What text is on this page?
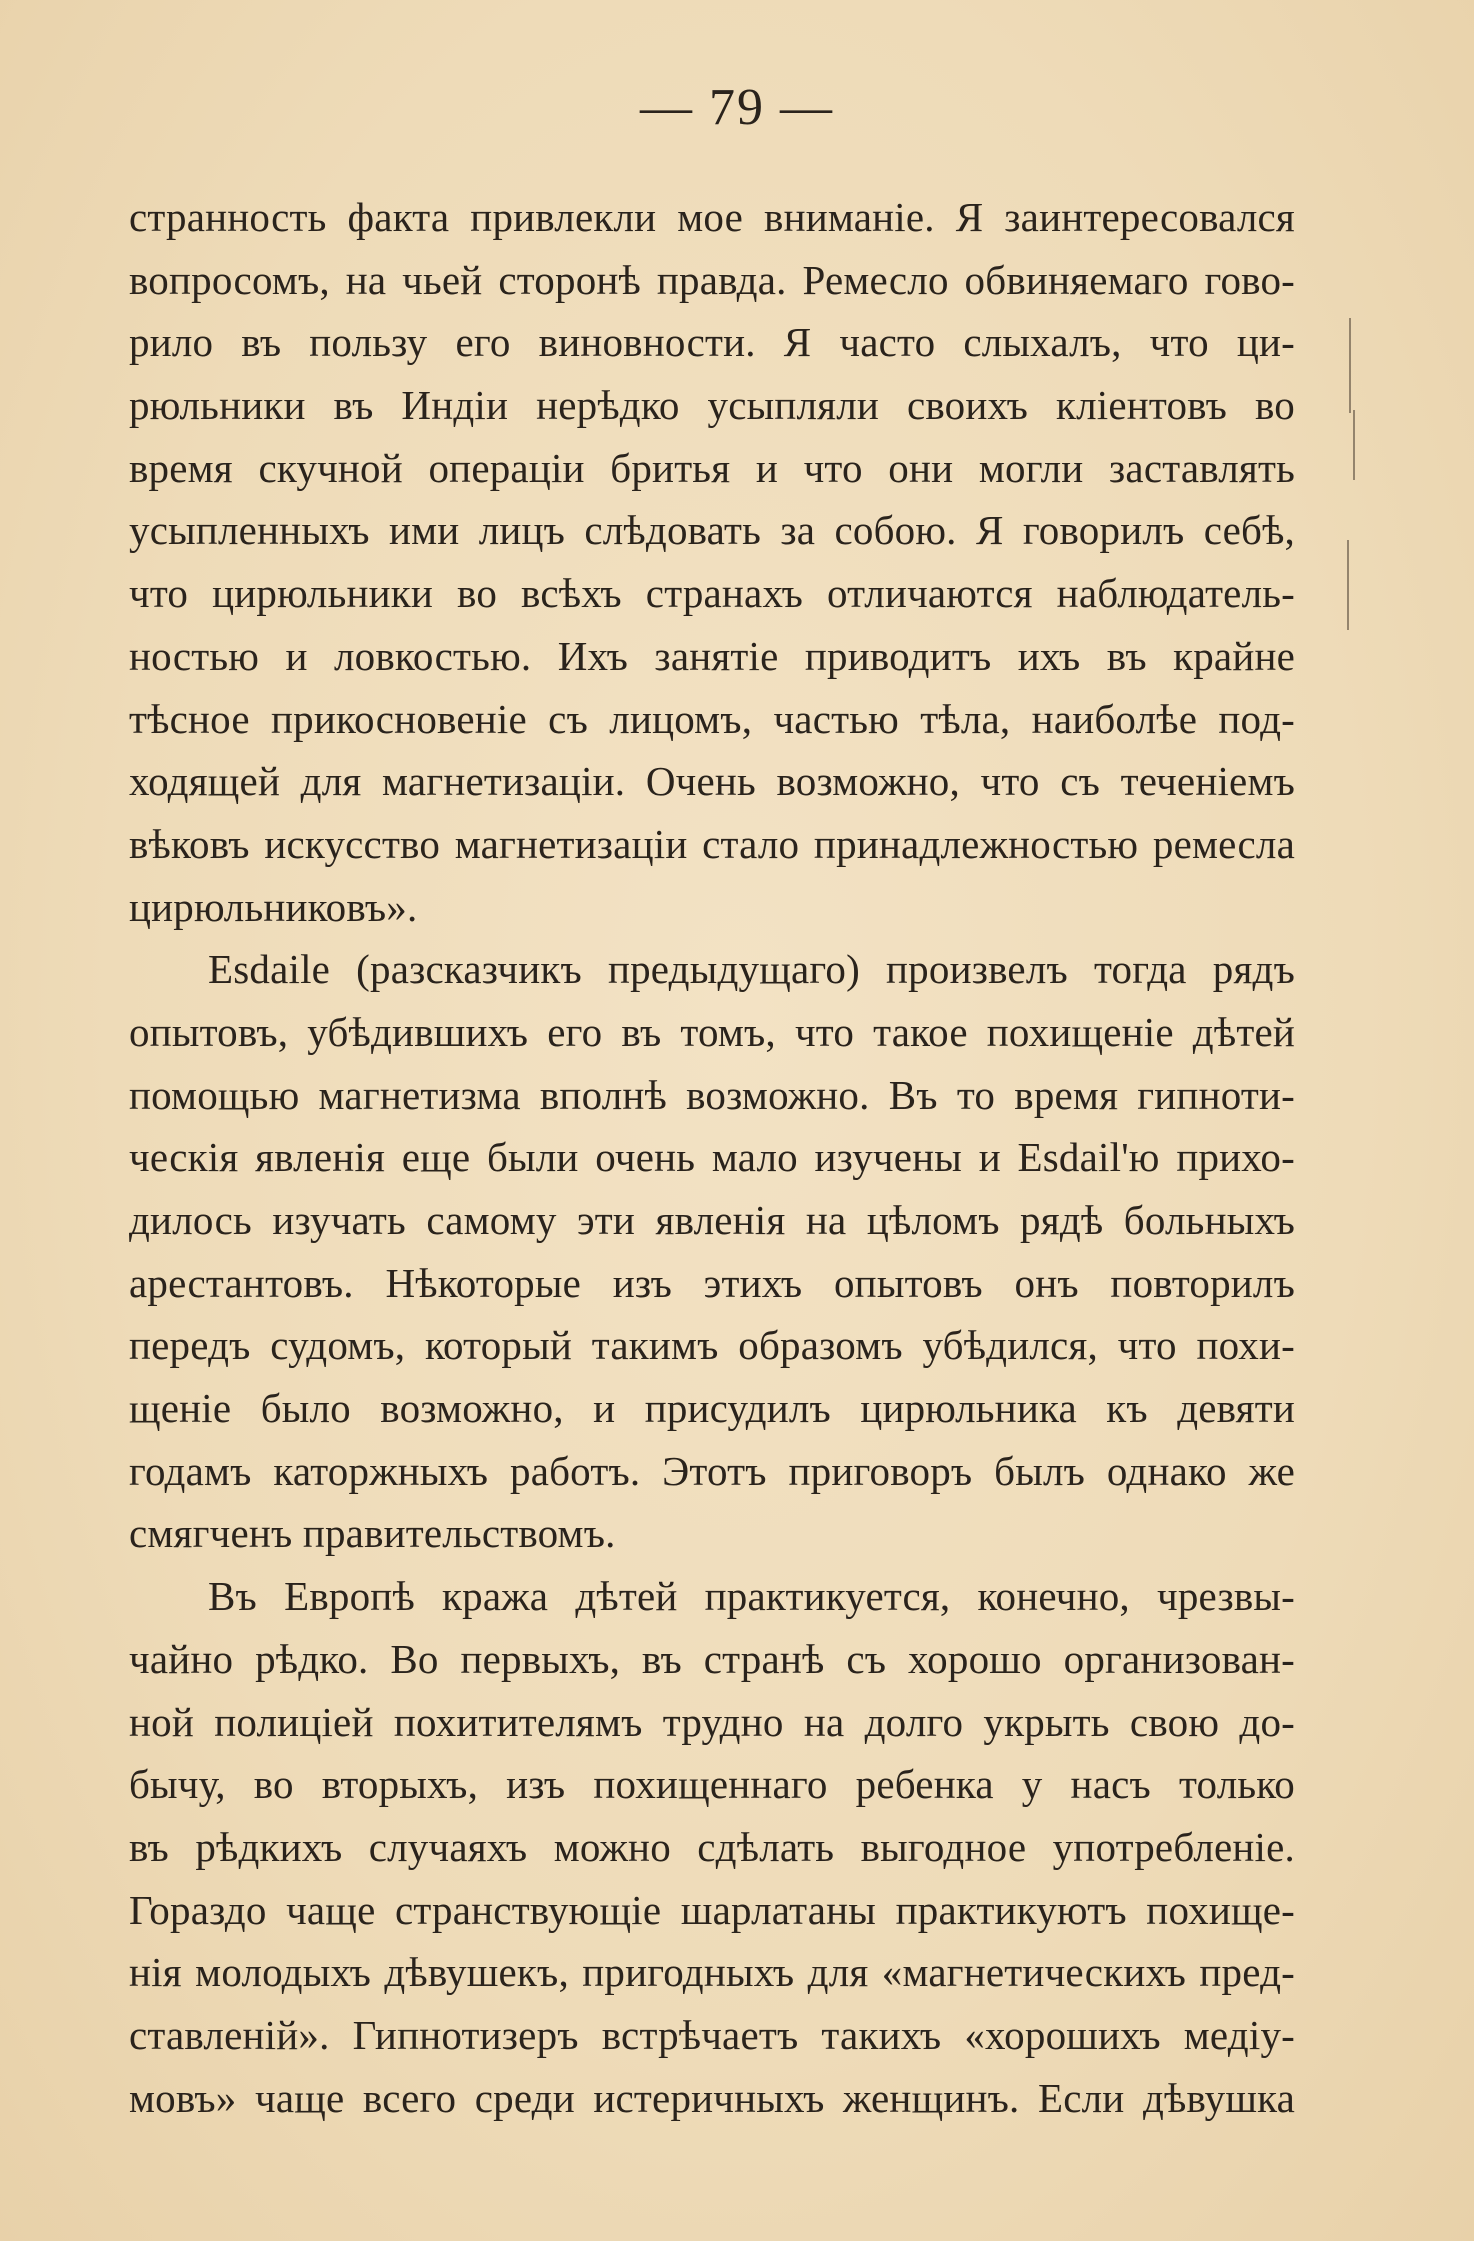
— 79 —
странность факта привлекли мое вниманіе. Я заинтересовался
вопросомъ, на чьей сторонѣ правда. Ремесло обвиняемаго гово-
рило въ пользу его виновности. Я часто слыхалъ, что ци-
рюльники въ Индіи нерѣдко усыпляли своихъ кліентовъ во
время скучной операціи бритья и что они могли заставлять
усыпленныхъ ими лицъ слѣдовать за собою. Я говорилъ себѣ,
что цирюльники во всѣхъ странахъ отличаются наблюдатель-
ностью и ловкостью. Ихъ занятіе приводитъ ихъ въ крайне
тѣсное прикосновеніе съ лицомъ, частью тѣла, наиболѣе под-
ходящей для магнетизаціи. Очень возможно, что съ теченіемъ
вѣковъ искусство магнетизаціи стало принадлежностью ремесла
цирюльниковъ».
Esdaile (разсказчикъ предыдущаго) произвелъ тогда рядъ
опытовъ, убѣдившихъ его въ томъ, что такое похищеніе дѣтей
помощью магнетизма вполнѣ возможно. Въ то время гипноти-
ческія явленія еще были очень мало изучены и Esdail'ю прихо-
дилось изучать самому эти явленія на цѣломъ рядѣ больныхъ
арестантовъ. Нѣкоторые изъ этихъ опытовъ онъ повторилъ
передъ судомъ, который такимъ образомъ убѣдился, что похи-
щеніе было возможно, и присудилъ цирюльника къ девяти
годамъ каторжныхъ работъ. Этотъ приговоръ былъ однако же
смягченъ правительствомъ.
Въ Европѣ кража дѣтей практикуется, конечно, чрезвы-
чайно рѣдко. Во первыхъ, въ странѣ съ хорошо организован-
ной полиціей похитителямъ трудно на долго укрыть свою до-
бычу, во вторыхъ, изъ похищеннаго ребенка у насъ только
въ рѣдкихъ случаяхъ можно сдѣлать выгодное употребленіе.
Гораздо чаще странствующіе шарлатаны практикуютъ похище-
нія молодыхъ дѣвушекъ, пригодныхъ для «магнетическихъ пред-
ставленій». Гипнотизеръ встрѣчаетъ такихъ «хорошихъ медіу-
мовъ» чаще всего среди истеричныхъ женщинъ. Если дѣвушка
